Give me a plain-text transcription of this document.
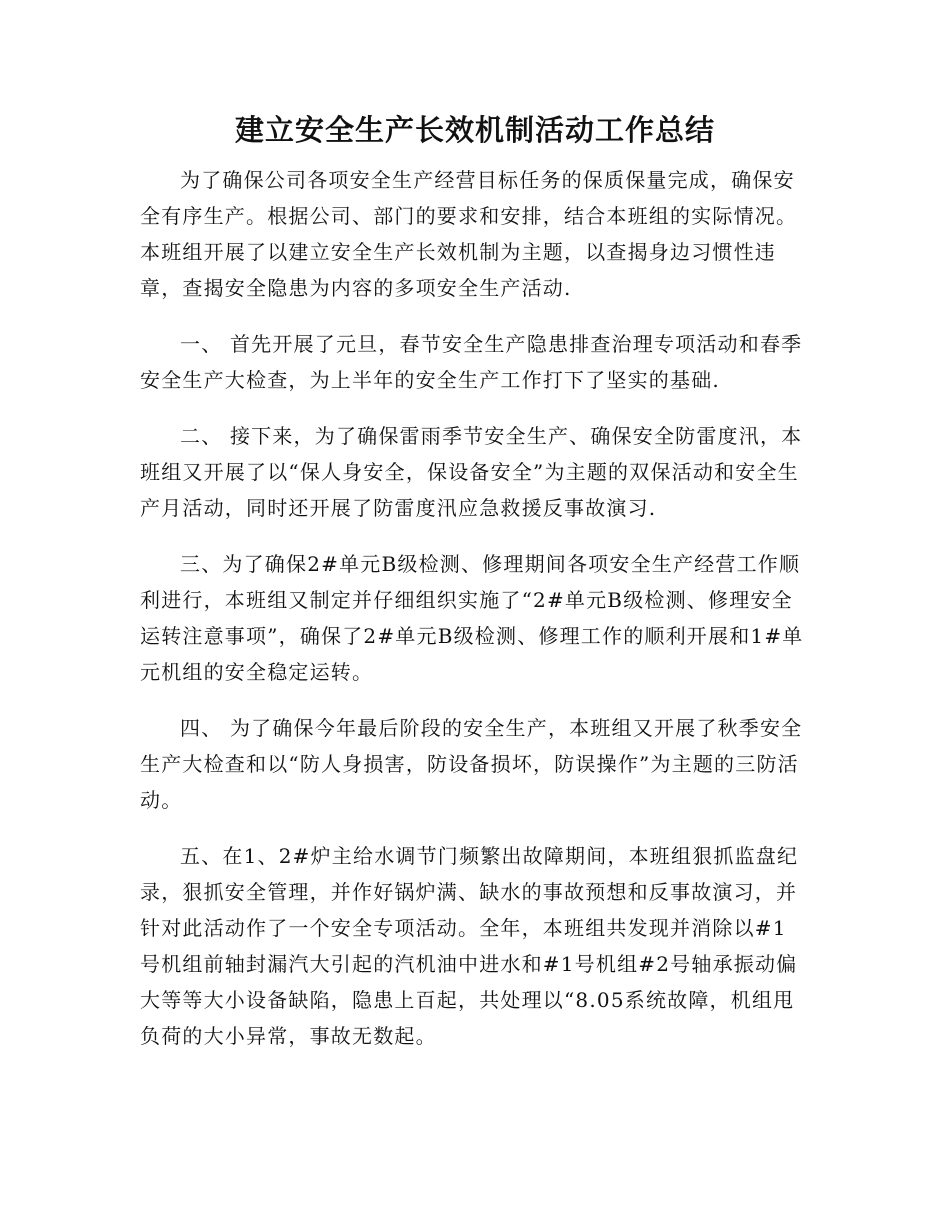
建立安全生产长效机制活动工作总结

为了确保公司各项安全生产经营目标任务的保质保量完成，确保安全有序生产。根据公司、部门的要求和安排，结合本班组的实际情况。本班组开展了以建立安全生产长效机制为主题，以查揭身边习惯性违章，查揭安全隐患为内容的多项安全生产活动.

一、 首先开展了元旦，春节安全生产隐患排查治理专项活动和春季安全生产大检查，为上半年的安全生产工作打下了坚实的基础.

二、 接下来，为了确保雷雨季节安全生产、确保安全防雷度汛，本班组又开展了以“保人身安全，保设备安全”为主题的双保活动和安全生产月活动，同时还开展了防雷度汛应急救援反事故演习.

三、为了确保2#单元B级检测、修理期间各项安全生产经营工作顺利进行，本班组又制定并仔细组织实施了“2#单元B级检测、修理安全运转注意事项”，确保了2#单元B级检测、修理工作的顺利开展和1#单元机组的安全稳定运转。

四、 为了确保今年最后阶段的安全生产，本班组又开展了秋季安全生产大检查和以“防人身损害，防设备损坏，防误操作”为主题的三防活动。

五、在1、2#炉主给水调节门频繁出故障期间，本班组狠抓监盘纪录，狠抓安全管理，并作好锅炉满、缺水的事故预想和反事故演习，并针对此活动作了一个安全专项活动。全年，本班组共发现并消除以#1号机组前轴封漏汽大引起的汽机油中进水和#1号机组#2号轴承振动偏大等等大小设备缺陷，隐患上百起，共处理以“8.05系统故障，机组甩负荷的大小异常，事故无数起。
